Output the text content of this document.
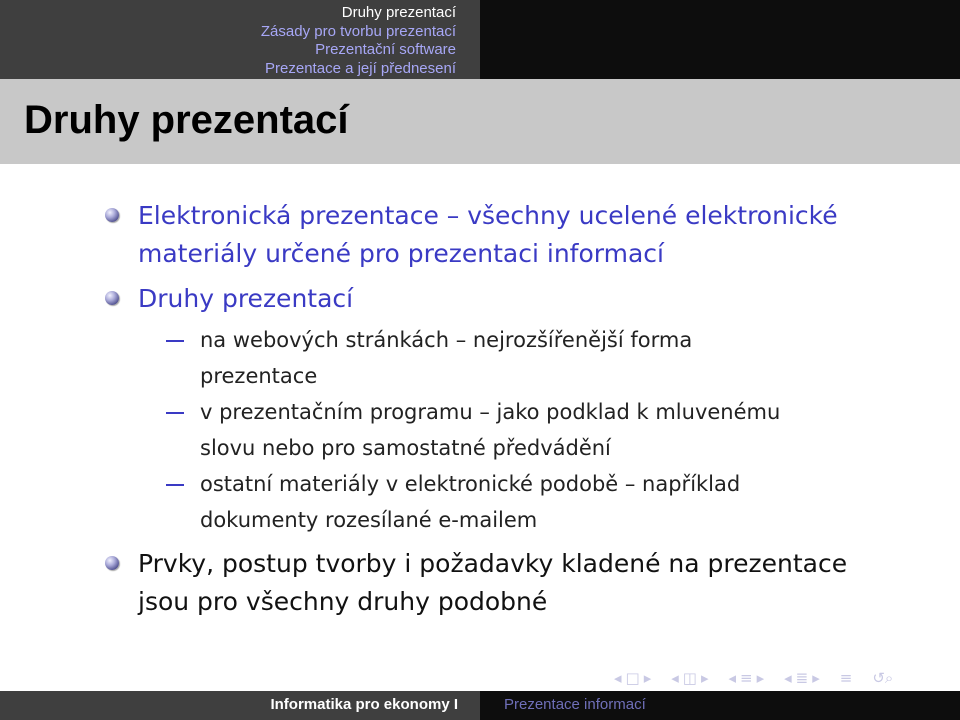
Druhy prezentací
Zásady pro tvorbu prezentací
Prezentační software
Prezentace a její přednesení
Druhy prezentací
Elektronická prezentace – všechny ucelené elektronické
materiály určené pro prezentaci informací
Druhy prezentací
na webových stránkách – nejrozšířenější forma
prezentace
v prezentačním programu – jako podklad k mluvenému
slovu nebo pro samostatné předvádění
ostatní materiály v elektronické podobě – například
dokumenty rozesílané e-mailem
Prvky, postup tvorby i požadavky kladené na prezentace
jsou pro všechny druhy podobné
◂ □ ▸ ◂ ◫ ▸ ◂ ≡ ▸ ◂ ≣ ▸ ≡ ↺⌕
Informatika pro ekonomy I	Prezentace informací
